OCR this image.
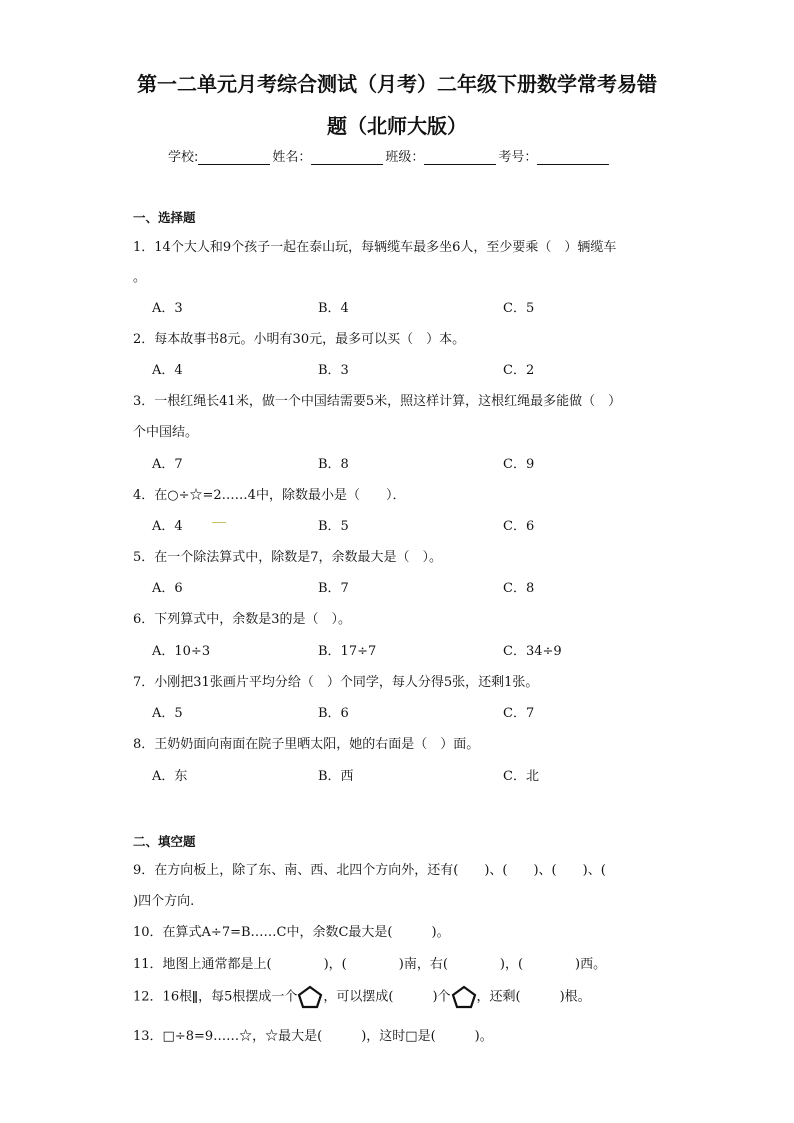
第一二单元月考综合测试（月考）二年级下册数学常考易错
题（北师大版）
学校:	姓名：	班级：	考号：
一、选择题
1．14个大人和9个孩子一起在泰山玩，每辆缆车最多坐6人，至少要乘（　）辆缆车
。
A．3	B．4	C．5
2．每本故事书8元。小明有30元，最多可以买（　）本。
A．4	B．3	C．2
3．一根红绳长41米，做一个中国结需要5米，照这样计算，这根红绳最多能做（　）
个中国结。
A．7	B．8	C．9
4．在○÷☆=2……4中，除数最小是（　　）．
A．4	B．5	C．6
5．在一个除法算式中，除数是7，余数最大是（　）。
A．6	B．7	C．8
6．下列算式中，余数是3的是（　）。
A．10÷3	B．17÷7	C．34÷9
7．小刚把31张画片平均分给（　）个同学，每人分得5张，还剩1张。
A．5	B．6	C．7
8．王奶奶面向南面在院子里晒太阳，她的右面是（　）面。
A．东	B．西	C．北
二、填空题
9．在方向板上，除了东、南、西、北四个方向外，还有(　　)、(　　)、(　　)、(
)四个方向.
10．在算式A÷7=B……C中，余数C最大是(　　　)。
11．地图上通常都是上(　　　　)，(　　　　)南，右(　　　　)，(　　　　)西。
12．16根 ，每5根摆成一个 ，可以摆成(　　　)个 ，还剩(　　　)根。
13．□÷8=9……☆，☆最大是(　　　)，这时□是(　　　)。
